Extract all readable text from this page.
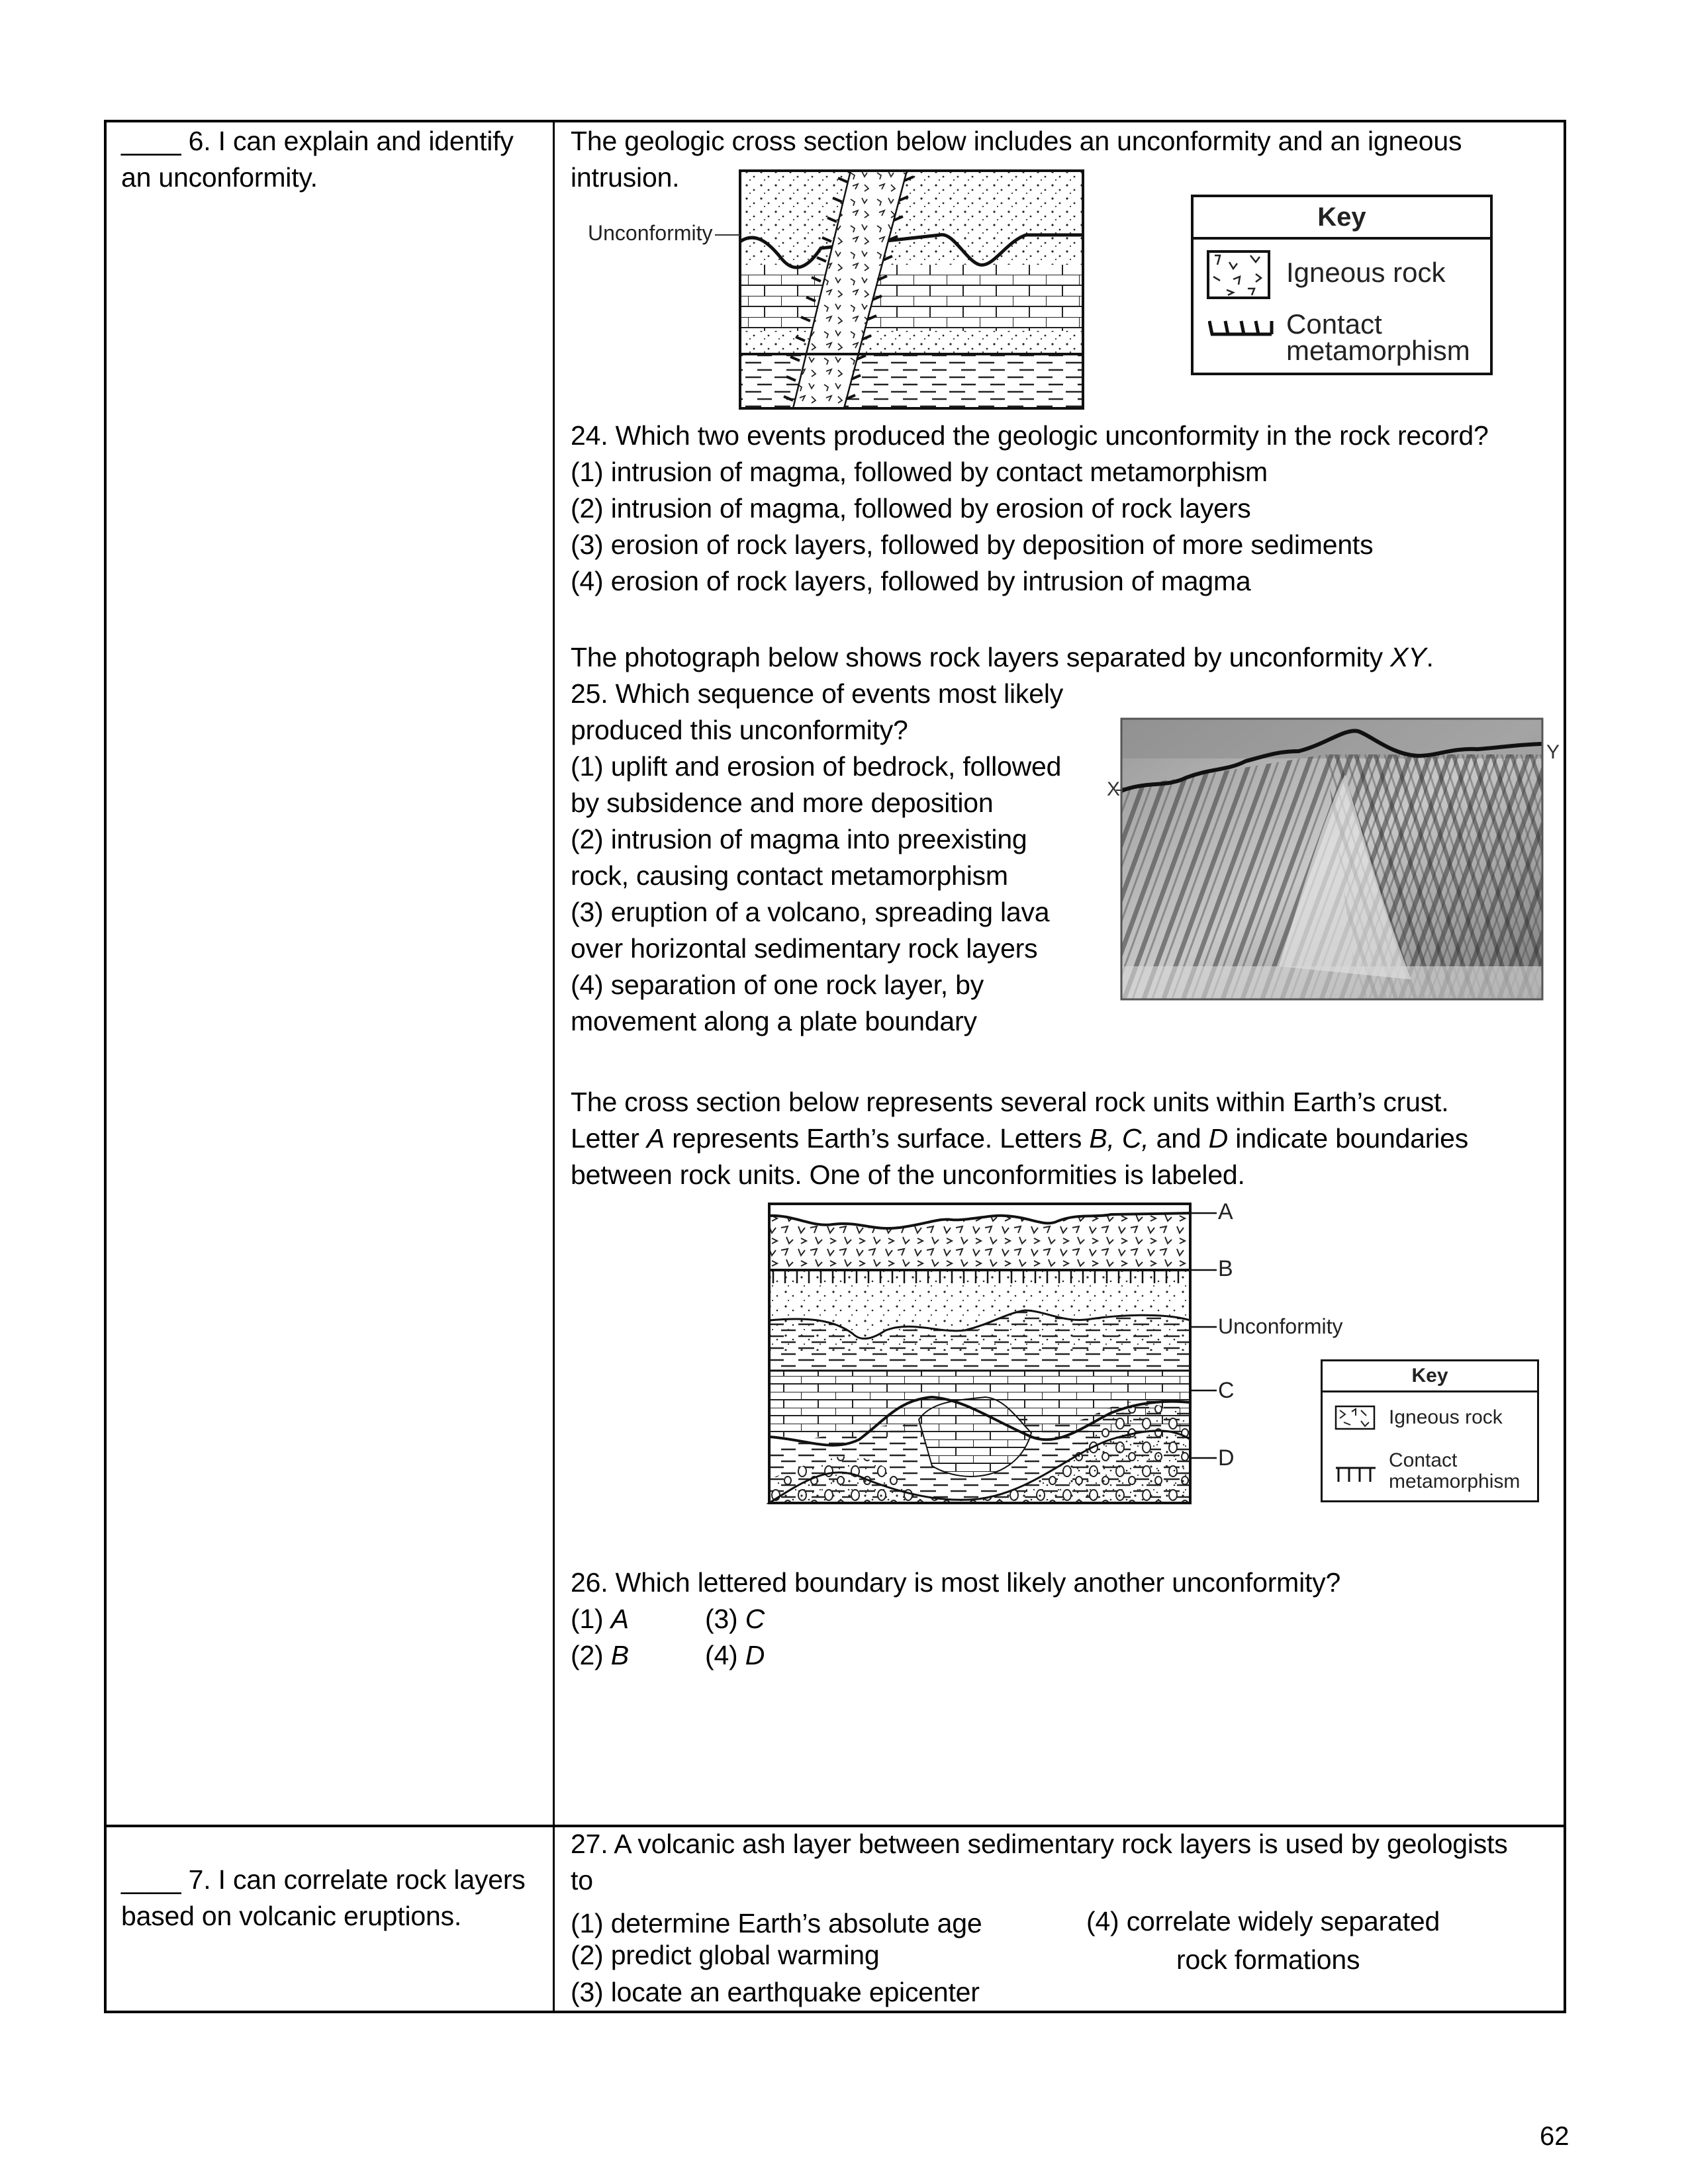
____ 6. I can explain and identify
an unconformity.
The geologic cross section below includes an unconformity and an igneous
intrusion.
Unconformity
Key
Igneous rock
Contact
metamorphism
24. Which two events produced the geologic unconformity in the rock record?
(1) intrusion of magma, followed by contact metamorphism
(2) intrusion of magma, followed by erosion of rock layers
(3) erosion of rock layers, followed by deposition of more sediments
(4) erosion of rock layers, followed by intrusion of magma
The photograph below shows rock layers separated by unconformity XY.
25. Which sequence of events most likely
produced this unconformity?
(1) uplift and erosion of bedrock, followed
by subsidence and more deposition
(2) intrusion of magma into preexisting
rock, causing contact metamorphism
(3) eruption of a volcano, spreading lava
over horizontal sedimentary rock layers
(4) separation of one rock layer, by
movement along a plate boundary
X
Y
The cross section below represents several rock units within Earth’s crust.
Letter A represents Earth’s surface. Letters B, C, and D indicate boundaries
between rock units. One of the unconformities is labeled.
A
B
Unconformity
C
D
Key
Igneous rock
Contact
metamorphism
26. Which lettered boundary is most likely another unconformity?
(1) A	(3) C
(2) B	(4) D
____ 7. I can correlate rock layers
based on volcanic eruptions.
27. A volcanic ash layer between sedimentary rock layers is used by geologists
to
(1) determine Earth’s absolute age
(2) predict global warming
(3) locate an earthquake epicenter
(4) correlate widely separated
rock formations
62
